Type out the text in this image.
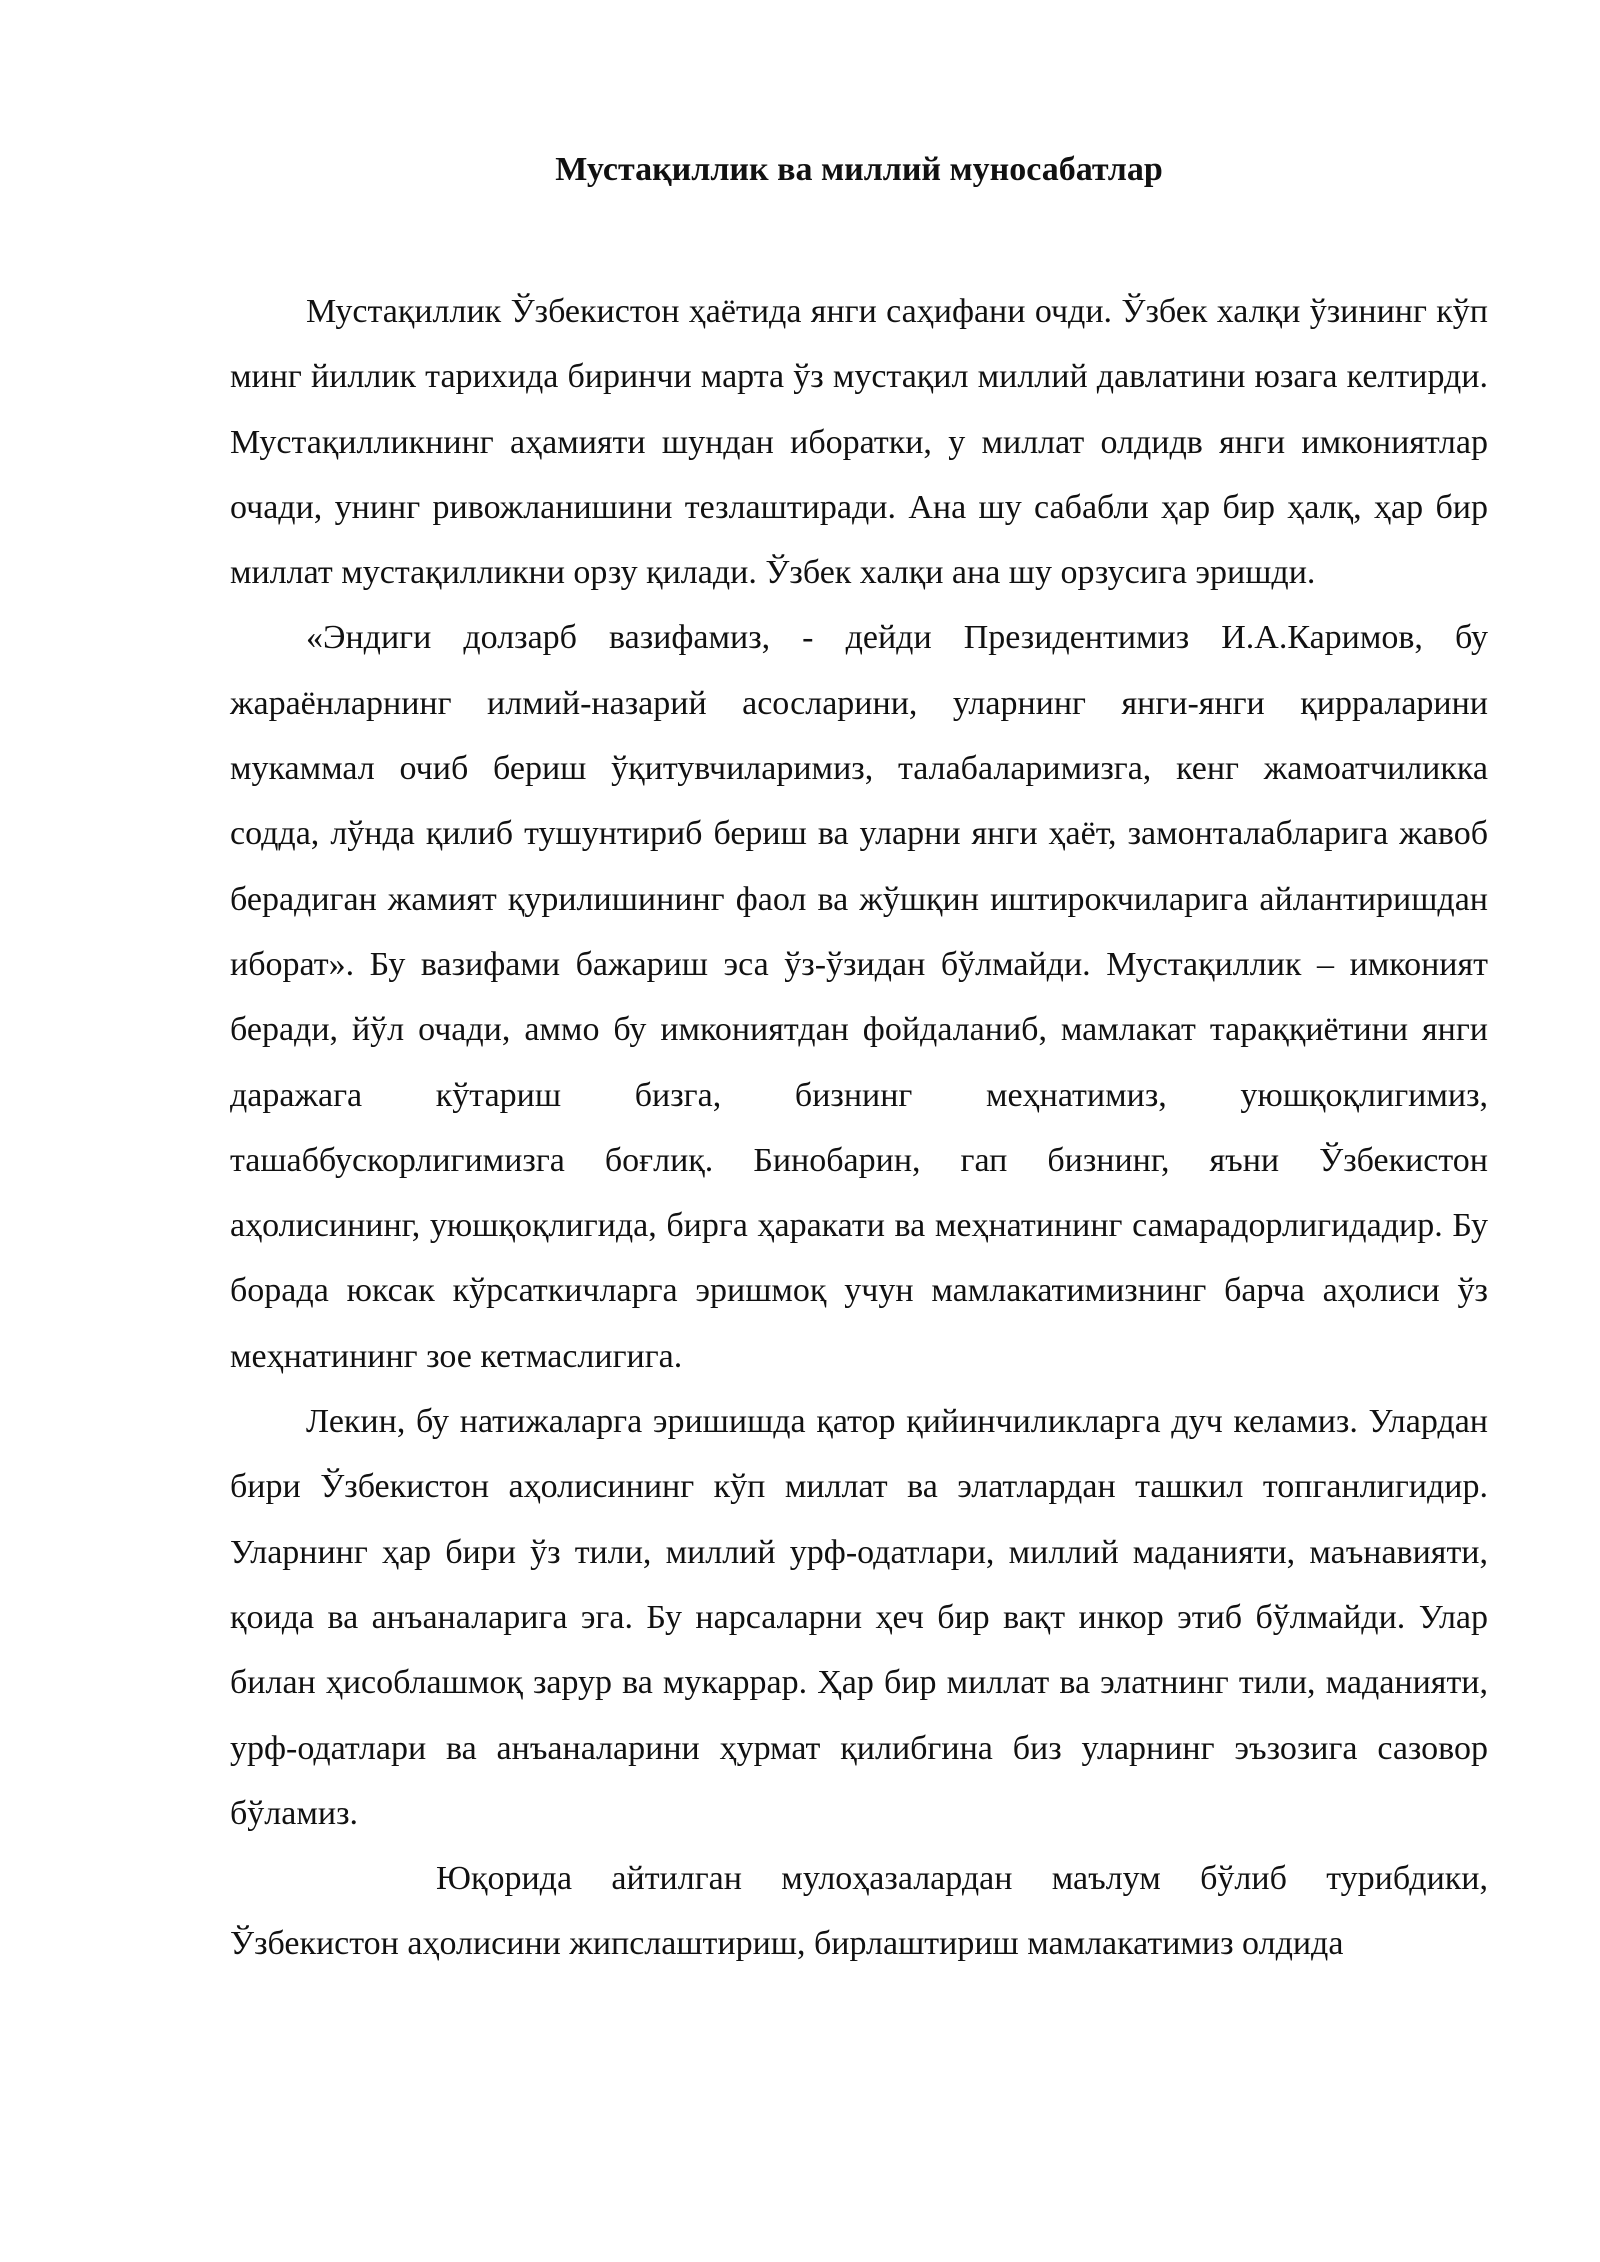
Мустақиллик ва миллий муносабатлар

Мустақиллик Ўзбекистон ҳаётида янги саҳифани очди. Ўзбек халқи ўзининг кўп минг йиллик тарихида биринчи марта ўз мустақил миллий давлатини юзага келтирди. Мустақилликнинг аҳамияти шундан иборатки, у миллат олдидв янги имкониятлар очади, унинг ривожланишини тезлаштиради. Ана шу сабабли ҳар бир ҳалқ, ҳар бир миллат мустақилликни орзу қилади. Ўзбек халқи ана шу орзусига эришди.

«Эндиги долзарб вазифамиз, - дейди Президентимиз И.А.Каримов, бу жараёнларнинг илмий-назарий асосларини, уларнинг янги-янги қирраларини мукаммал очиб бериш ўқитувчиларимиз, талабаларимизга, кенг жамоатчиликка содда, лўнда қилиб тушунтириб бериш ва уларни янги ҳаёт, замонталабларига жавоб берадиган жамият қурилишининг фаол ва жўшқин иштирокчиларига айлантиришдан иборат». Бу вазифами бажариш эса ўз-ўзидан бўлмайди. Мустақиллик – имконият беради, йўл очади, аммо бу имкониятдан фойдаланиб, мамлакат тараққиётини янги даражага кўтариш бизга, бизнинг меҳнатимиз, уюшқоқлигимиз, ташаббускорлигимизга боғлиқ. Бинобарин, гап бизнинг, яъни Ўзбекистон аҳолисининг, уюшқоқлигида, бирга ҳаракати ва меҳнатининг самарадорлигидадир. Бу борада юксак кўрсаткичларга эришмоқ учун мамлакатимизнинг барча аҳолиси ўз меҳнатининг зое кетмаслигига.

Лекин, бу натижаларга эришишда қатор қийинчиликларга дуч келамиз. Улардан бири Ўзбекистон аҳолисининг кўп миллат ва элатлардан ташкил топганлигидир. Уларнинг ҳар бири ўз тили, миллий урф-одатлари, миллий маданияти, маънавияти, қоида ва анъаналарига эга. Бу нарсаларни ҳеч бир вақт инкор этиб бўлмайди. Улар билан ҳисоблашмоқ зарур ва мукаррар. Ҳар бир миллат ва элатнинг тили, маданияти, урф-одатлари ва анъаналарини ҳурмат қилибгина биз уларнинг эъзозига сазовор бўламиз.

Юқорида айтилган мулоҳазалардан маълум бўлиб турибдики, Ўзбекистон аҳолисини жипслаштириш, бирлаштириш мамлакатимиз олдида
